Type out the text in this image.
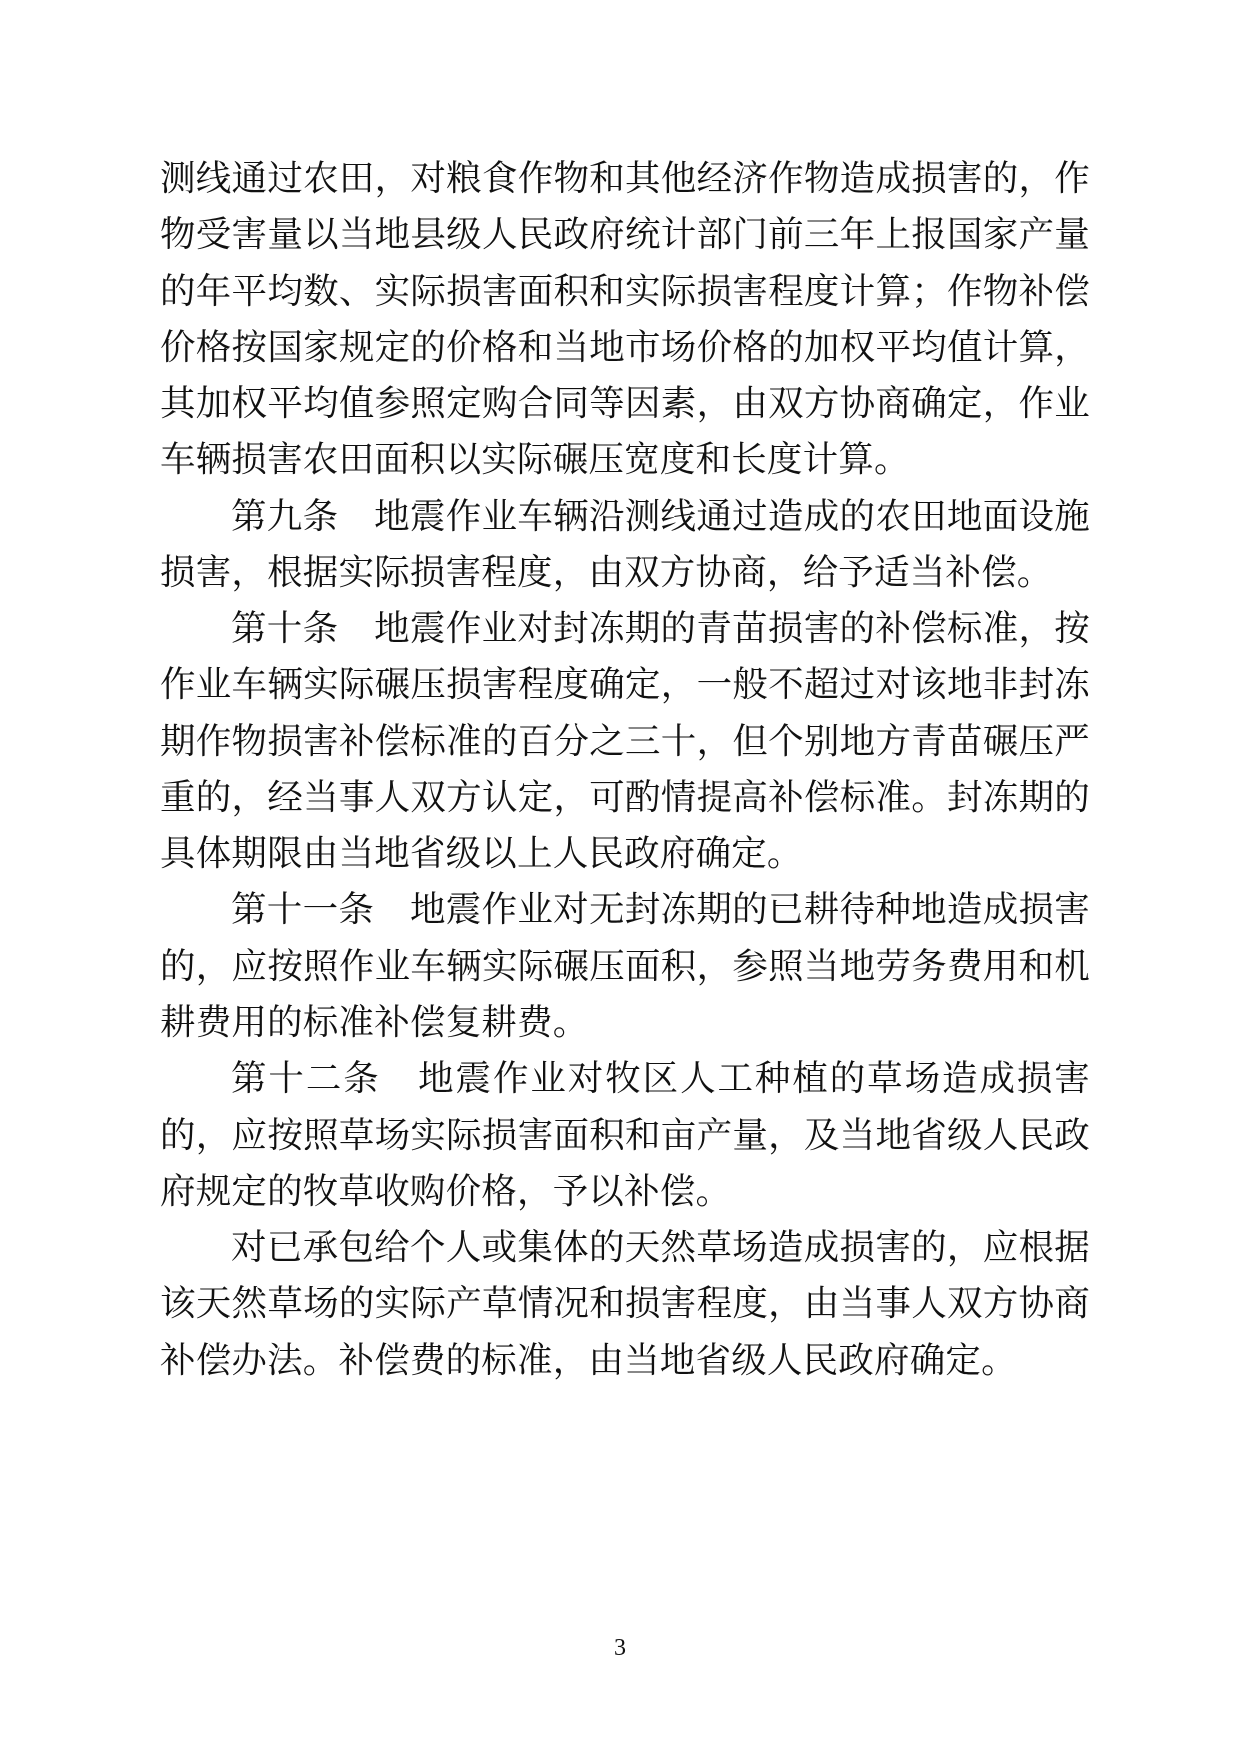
测线通过农田，对粮食作物和其他经济作物造成损害的，作物受害量以当地县级人民政府统计部门前三年上报国家产量的年平均数、实际损害面积和实际损害程度计算；作物补偿价格按国家规定的价格和当地市场价格的加权平均值计算，其加权平均值参照定购合同等因素，由双方协商确定，作业车辆损害农田面积以实际碾压宽度和长度计算。

第九条　地震作业车辆沿测线通过造成的农田地面设施损害，根据实际损害程度，由双方协商，给予适当补偿。

第十条　地震作业对封冻期的青苗损害的补偿标准，按作业车辆实际碾压损害程度确定，一般不超过对该地非封冻期作物损害补偿标准的百分之三十，但个别地方青苗碾压严重的，经当事人双方认定，可酌情提高补偿标准。封冻期的具体期限由当地省级以上人民政府确定。

第十一条　地震作业对无封冻期的已耕待种地造成损害的，应按照作业车辆实际碾压面积，参照当地劳务费用和机耕费用的标准补偿复耕费。

第十二条　地震作业对牧区人工种植的草场造成损害的，应按照草场实际损害面积和亩产量，及当地省级人民政府规定的牧草收购价格，予以补偿。

对已承包给个人或集体的天然草场造成损害的，应根据该天然草场的实际产草情况和损害程度，由当事人双方协商补偿办法。补偿费的标准，由当地省级人民政府确定。

3
